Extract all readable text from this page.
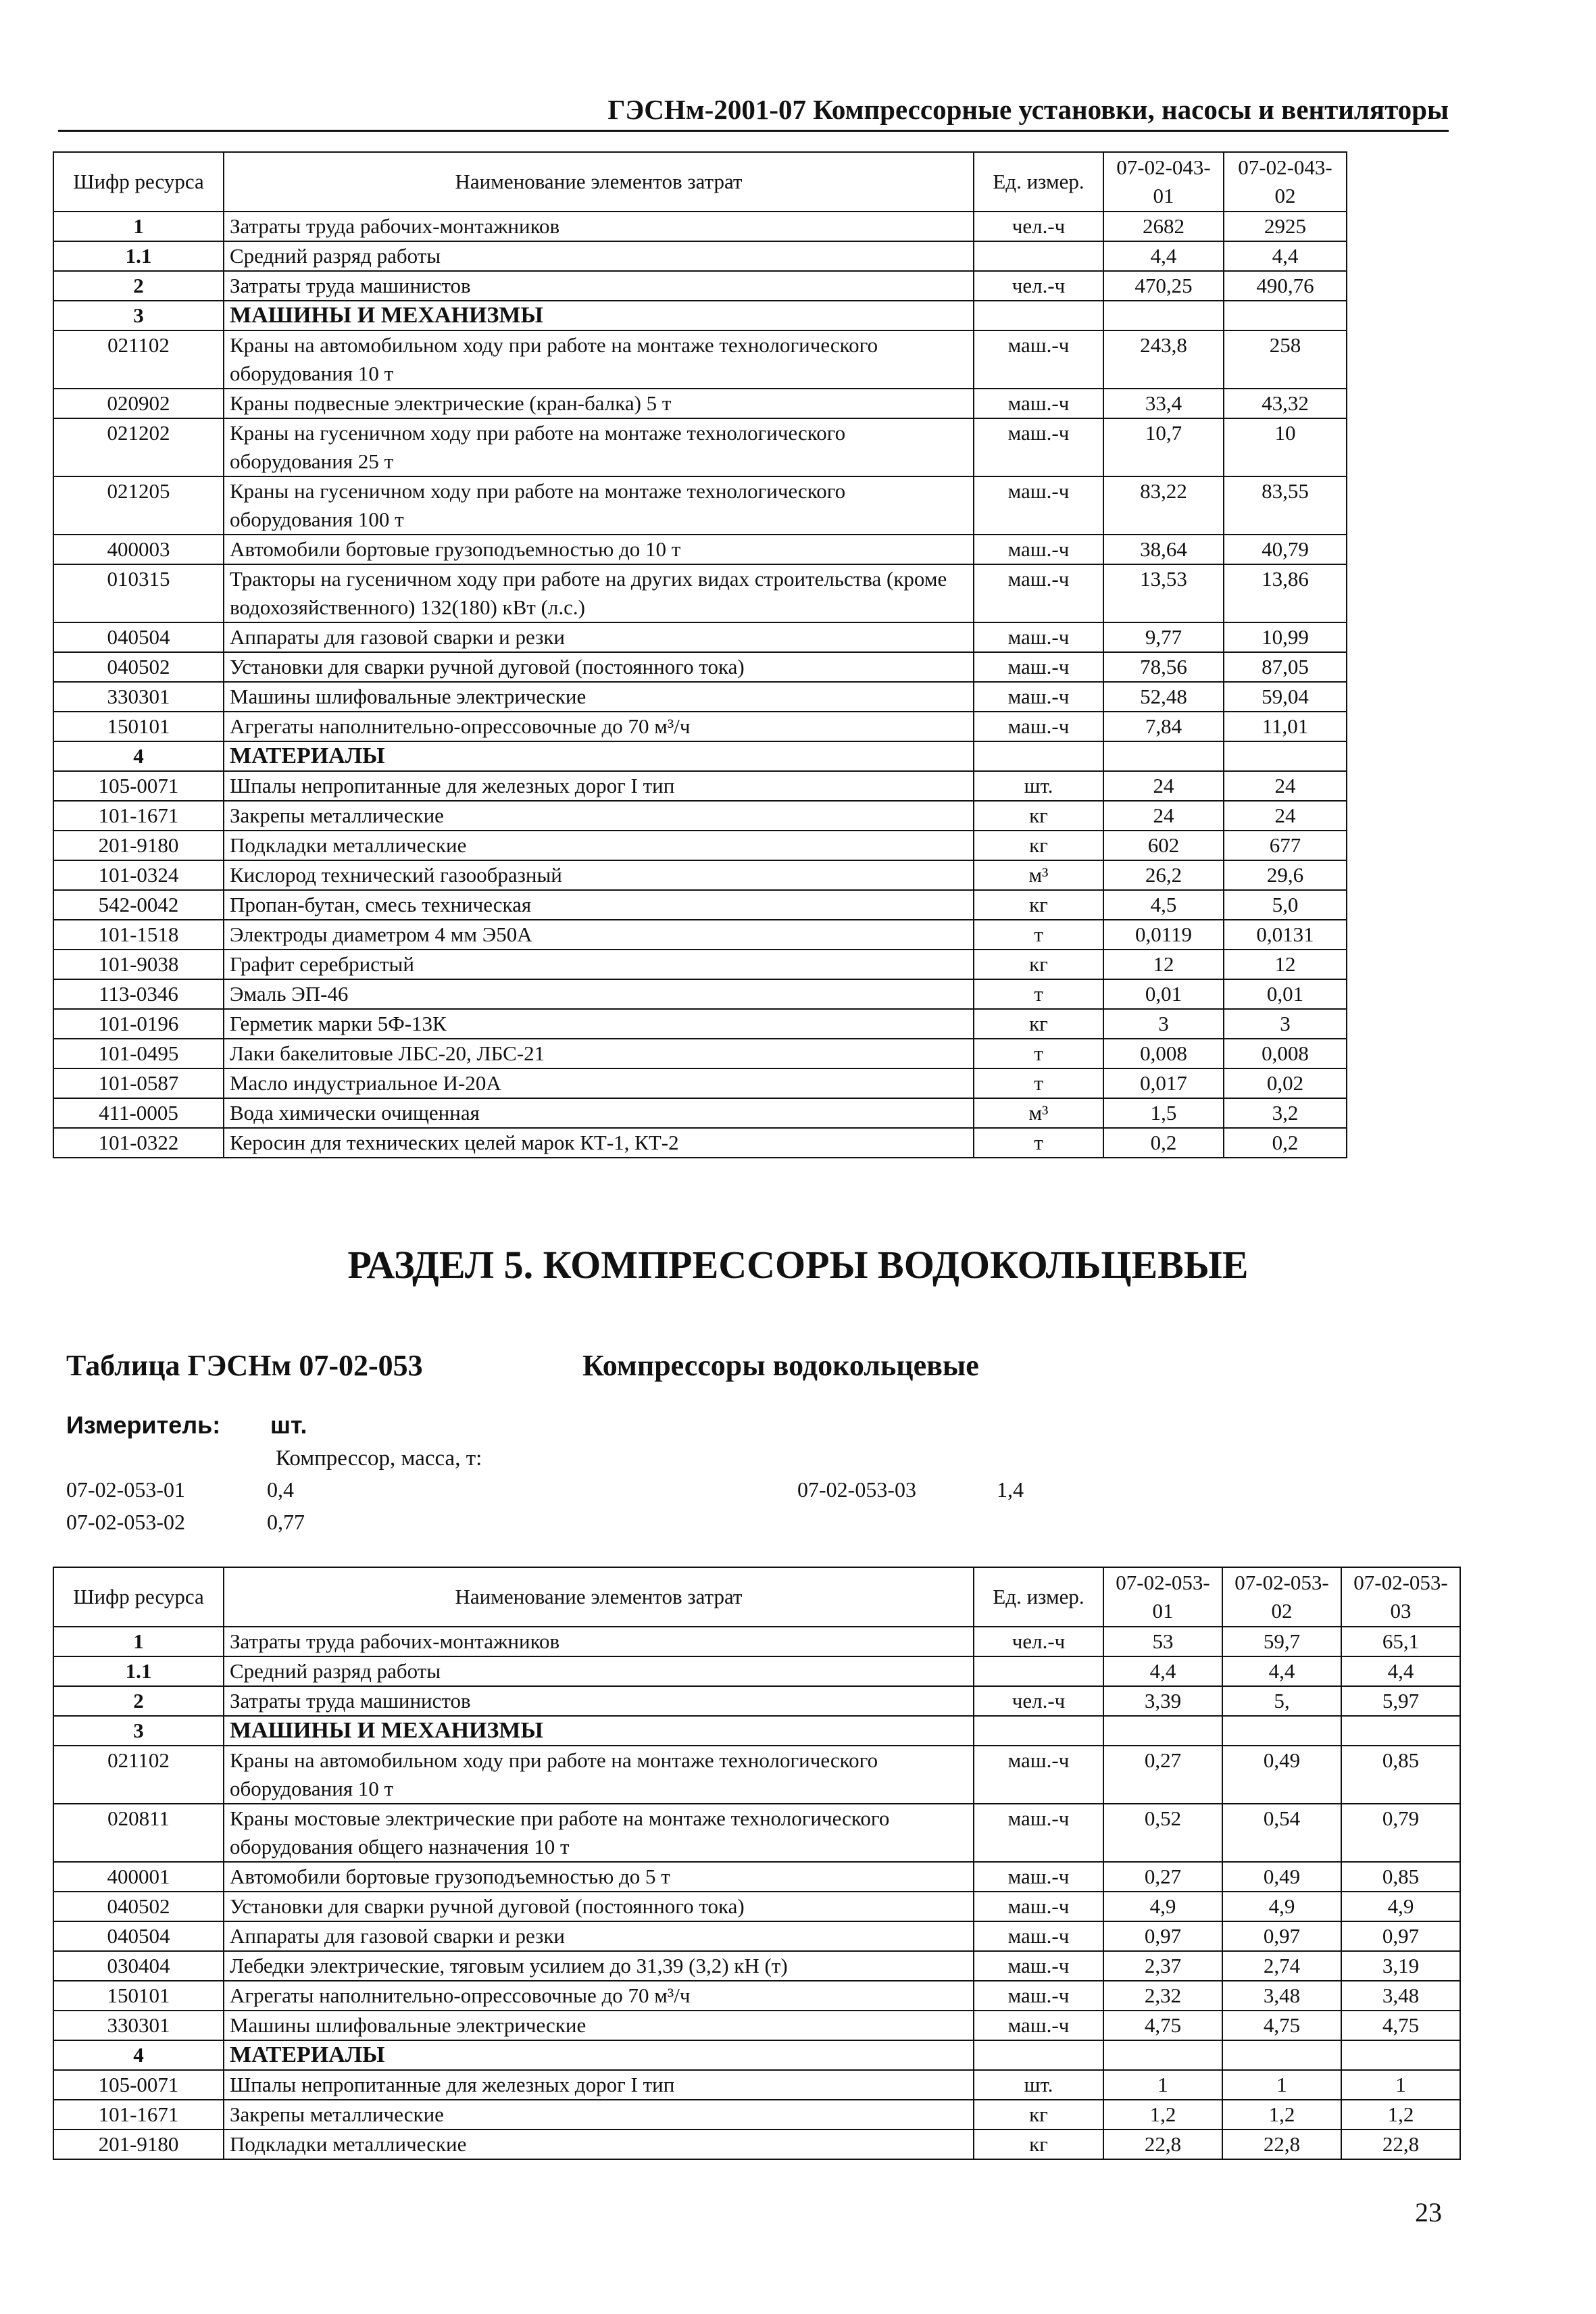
ГЭСНм-2001-07 Компрессорные установки, насосы и вентиляторы
Шифр ресурса	Наименование элементов затрат	Ед. измер.	07-02-043-01	07-02-043-02
1	Затраты труда рабочих-монтажников	чел.-ч	2682	2925
1.1	Средний разряд работы		4,4	4,4
2	Затраты труда машинистов	чел.-ч	470,25	490,76
3	МАШИНЫ И МЕХАНИЗМЫ			
021102	Краны на автомобильном ходу при работе на монтаже технологического оборудования 10 т	маш.-ч	243,8	258
020902	Краны подвесные электрические (кран-балка) 5 т	маш.-ч	33,4	43,32
021202	Краны на гусеничном ходу при работе на монтаже технологического оборудования 25 т	маш.-ч	10,7	10
021205	Краны на гусеничном ходу при работе на монтаже технологического оборудования 100 т	маш.-ч	83,22	83,55
400003	Автомобили бортовые грузоподъемностью до 10 т	маш.-ч	38,64	40,79
010315	Тракторы на гусеничном ходу при работе на других видах строительства (кроме водохозяйственного) 132(180) кВт (л.с.)	маш.-ч	13,53	13,86
040504	Аппараты для газовой сварки и резки	маш.-ч	9,77	10,99
040502	Установки для сварки ручной дуговой (постоянного тока)	маш.-ч	78,56	87,05
330301	Машины шлифовальные электрические	маш.-ч	52,48	59,04
150101	Агрегаты наполнительно-опрессовочные до 70 м³/ч	маш.-ч	7,84	11,01
4	МАТЕРИАЛЫ			
105-0071	Шпалы непропитанные для железных дорог I тип	шт.	24	24
101-1671	Закрепы металлические	кг	24	24
201-9180	Подкладки металлические	кг	602	677
101-0324	Кислород технический газообразный	м³	26,2	29,6
542-0042	Пропан-бутан, смесь техническая	кг	4,5	5,0
101-1518	Электроды диаметром 4 мм Э50А	т	0,0119	0,0131
101-9038	Графит серебристый	кг	12	12
113-0346	Эмаль ЭП-46	т	0,01	0,01
101-0196	Герметик марки 5Ф-13К	кг	3	3
101-0495	Лаки бакелитовые ЛБС-20, ЛБС-21	т	0,008	0,008
101-0587	Масло индустриальное И-20А	т	0,017	0,02
411-0005	Вода химически очищенная	м³	1,5	3,2
101-0322	Керосин для технических целей марок КТ-1, КТ-2	т	0,2	0,2
РАЗДЕЛ 5. КОМПРЕССОРЫ ВОДОКОЛЬЦЕВЫЕ
Таблица ГЭСНм 07-02-053	Компрессоры водокольцевые
Измеритель: шт.
Компрессор, масса, т:
07-02-053-01	0,4
07-02-053-02	0,77
07-02-053-03	1,4
Шифр ресурса	Наименование элементов затрат	Ед. измер.	07-02-053-01	07-02-053-02	07-02-053-03
1	Затраты труда рабочих-монтажников	чел.-ч	53	59,7	65,1
1.1	Средний разряд работы		4,4	4,4	4,4
2	Затраты труда машинистов	чел.-ч	3,39	5,	5,97
3	МАШИНЫ И МЕХАНИЗМЫ				
021102	Краны на автомобильном ходу при работе на монтаже технологического оборудования 10 т	маш.-ч	0,27	0,49	0,85
020811	Краны мостовые электрические при работе на монтаже технологического оборудования общего назначения 10 т	маш.-ч	0,52	0,54	0,79
400001	Автомобили бортовые грузоподъемностью до 5 т	маш.-ч	0,27	0,49	0,85
040502	Установки для сварки ручной дуговой (постоянного тока)	маш.-ч	4,9	4,9	4,9
040504	Аппараты для газовой сварки и резки	маш.-ч	0,97	0,97	0,97
030404	Лебедки электрические, тяговым усилием до 31,39 (3,2) кН (т)	маш.-ч	2,37	2,74	3,19
150101	Агрегаты наполнительно-опрессовочные до 70 м³/ч	маш.-ч	2,32	3,48	3,48
330301	Машины шлифовальные электрические	маш.-ч	4,75	4,75	4,75
4	МАТЕРИАЛЫ				
105-0071	Шпалы непропитанные для железных дорог I тип	шт.	1	1	1
101-1671	Закрепы металлические	кг	1,2	1,2	1,2
201-9180	Подкладки металлические	кг	22,8	22,8	22,8
23
